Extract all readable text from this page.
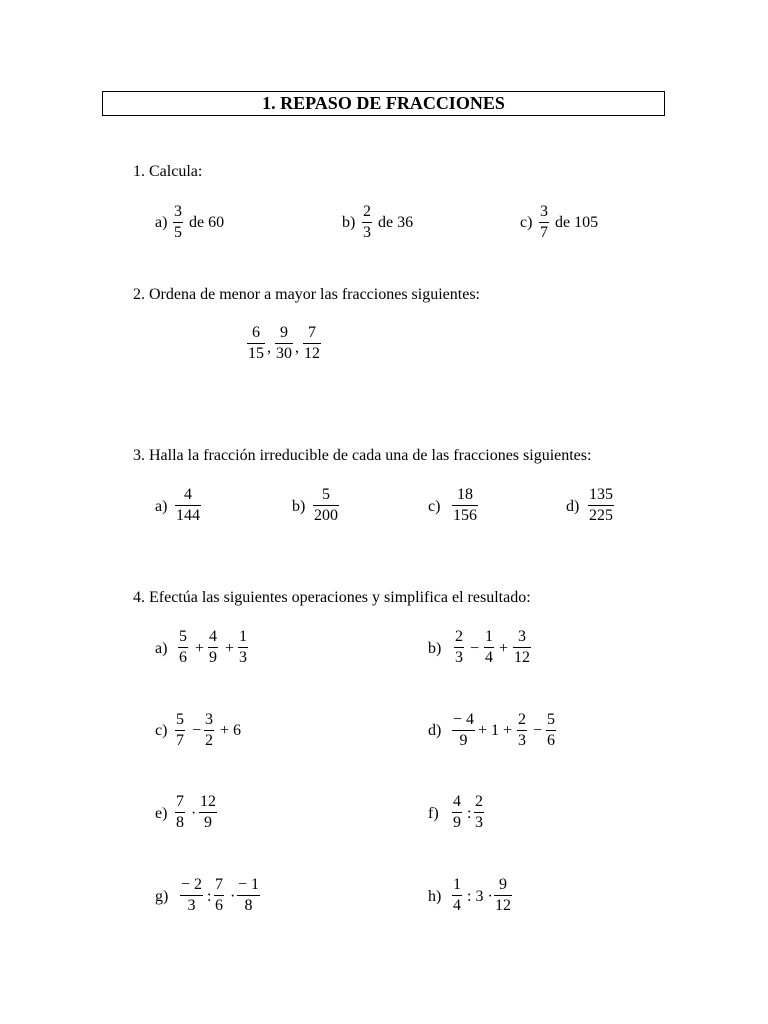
1. REPASO DE FRACCIONES
1. Calcula:
a)
3
5
de 60	b)
2
3
de 36	c)
3
7
de 105
2. Ordena de menor a mayor las fracciones siguientes:
6
15 ,
9
30 ,
7
12
3. Halla la fracción irreducible de cada una de las fracciones siguientes:
a)
4
144
b)
5
200
c)
18
156
d)
135
225
4. Efectúa las siguientes operaciones y simplifica el resultado:
a)
5
6
+
4
9
+
1
3
b)
2
3
−
1
4
+
3
12
c)
5
7
−
3
2
+ 6	d)
− 4
9
+ 1 +
2
3
−
5
6
e)
7
8
·
12
9
f)
4
9
:
2
3
g)
− 2
3
:
7
6
·
− 1
8
h)
1
4
: 3 ·
9
12
